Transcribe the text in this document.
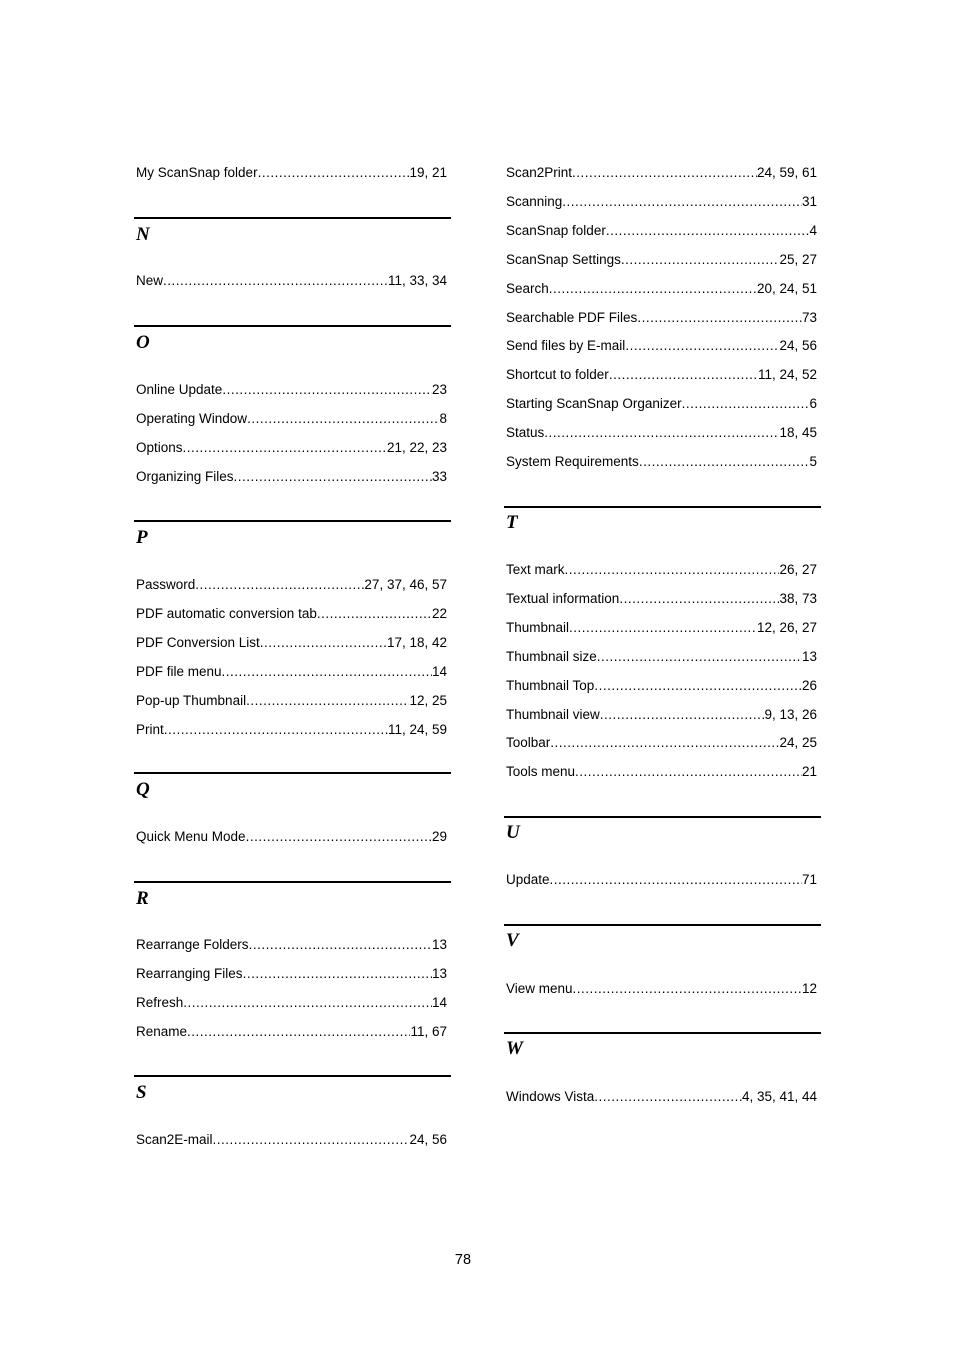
My ScanSnap folder .....	19, 21
N
New .....	11, 33, 34
O
Online Update .....	23
Operating Window .....	8
Options .....	21, 22, 23
Organizing Files .....	33
P
Password .....	27, 37, 46, 57
PDF automatic conversion tab .....	22
PDF Conversion List .....	17, 18, 42
PDF file menu .....	14
Pop-up Thumbnail .....	12, 25
Print .....	11, 24, 59
Q
Quick Menu Mode .....	29
R
Rearrange Folders .....	13
Rearranging Files .....	13
Refresh .....	14
Rename .....	11, 67
S
Scan2E-mail .....	24, 56
Scan2Print .....	24, 59, 61
Scanning .....	31
ScanSnap folder .....	4
ScanSnap Settings .....	25, 27
Search .....	20, 24, 51
Searchable PDF Files .....	73
Send files by E-mail .....	24, 56
Shortcut to folder .....	11, 24, 52
Starting ScanSnap Organizer .....	6
Status .....	18, 45
System Requirements .....	5
T
Text mark .....	26, 27
Textual information .....	38, 73
Thumbnail .....	12, 26, 27
Thumbnail size .....	13
Thumbnail Top .....	26
Thumbnail view .....	9, 13, 26
Toolbar .....	24, 25
Tools menu .....	21
U
Update .....	71
V
View menu .....	12
W
Windows Vista .....	4, 35, 41, 44
78
